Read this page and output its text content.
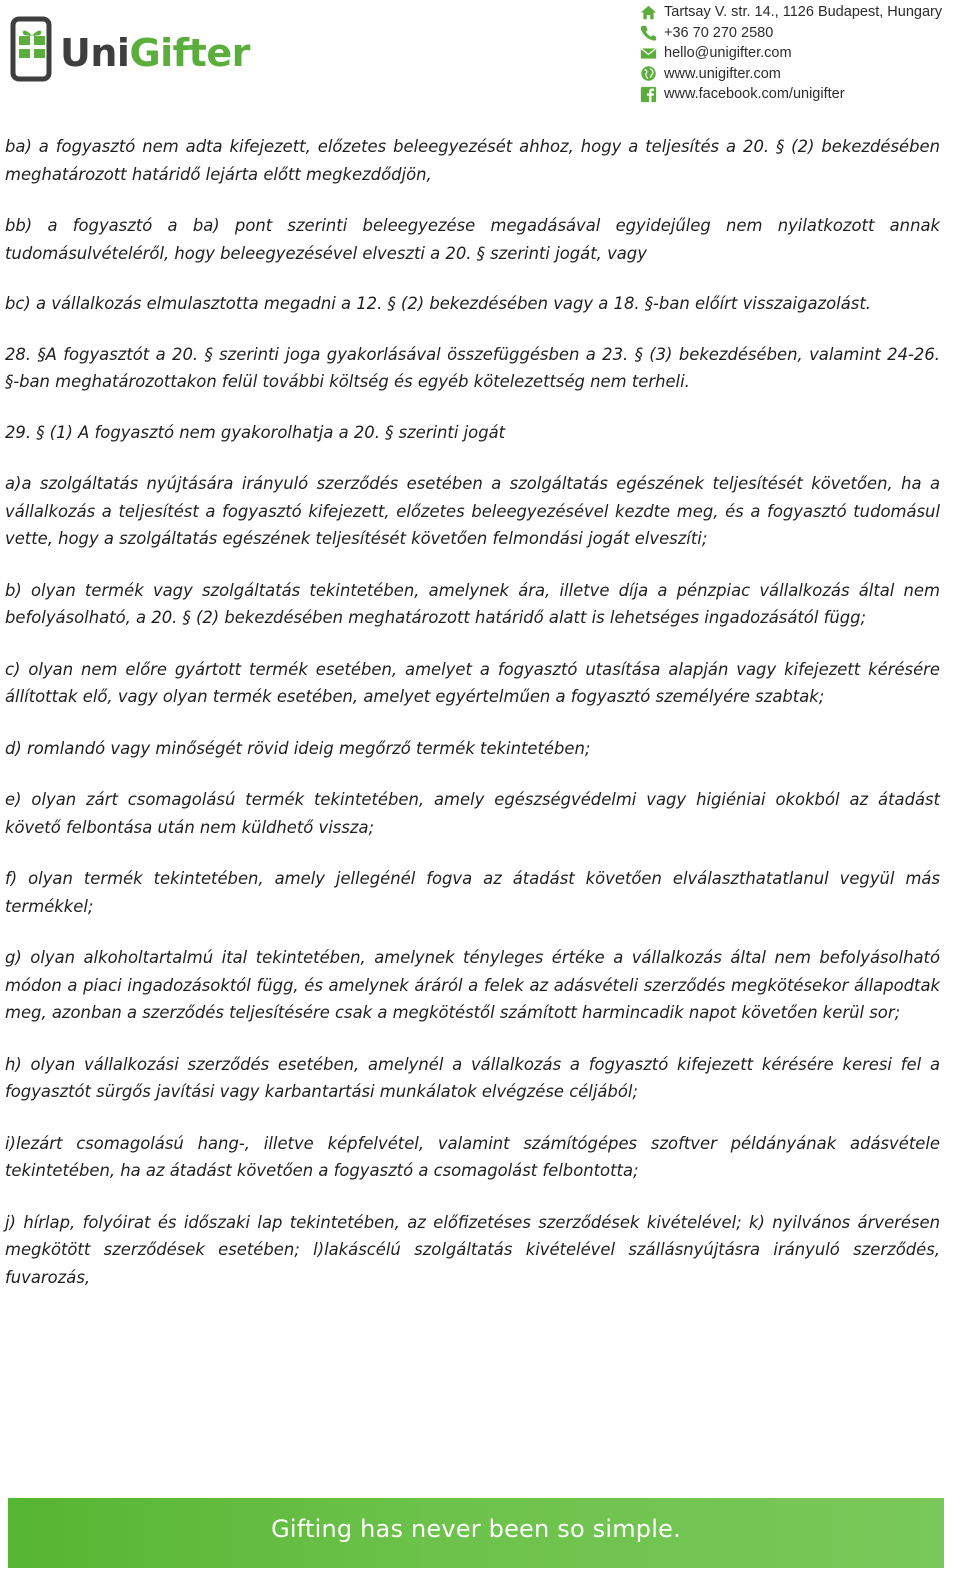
UniGifter
Tartsay V. str. 14., 1126 Budapest, Hungary
+36 70 270 2580
hello@unigifter.com
www.unigifter.com
www.facebook.com/unigifter

ba) a fogyasztó nem adta kifejezett, előzetes beleegyezését ahhoz, hogy a teljesítés a 20. § (2) bekezdésében meghatározott határidő lejárta előtt megkezdődjön,

bb) a fogyasztó a ba) pont szerinti beleegyezése megadásával egyidejűleg nem nyilatkozott annak tudomásulvételéről, hogy beleegyezésével elveszti a 20. § szerinti jogát, vagy

bc) a vállalkozás elmulasztotta megadni a 12. § (2) bekezdésében vagy a 18. §-ban előírt visszaigazolást.

28. §A fogyasztót a 20. § szerinti joga gyakorlásával összefüggésben a 23. § (3) bekezdésében, valamint 24-26. §-ban meghatározottakon felül további költség és egyéb kötelezettség nem terheli.

29. § (1) A fogyasztó nem gyakorolhatja a 20. § szerinti jogát

a)a szolgáltatás nyújtására irányuló szerződés esetében a szolgáltatás egészének teljesítését követően, ha a vállalkozás a teljesítést a fogyasztó kifejezett, előzetes beleegyezésével kezdte meg, és a fogyasztó tudomásul vette, hogy a szolgáltatás egészének teljesítését követően felmondási jogát elveszíti;

b) olyan termék vagy szolgáltatás tekintetében, amelynek ára, illetve díja a pénzpiac vállalkozás által nem befolyásolható, a 20. § (2) bekezdésében meghatározott határidő alatt is lehetséges ingadozásától függ;

c) olyan nem előre gyártott termék esetében, amelyet a fogyasztó utasítása alapján vagy kifejezett kérésére állítottak elő, vagy olyan termék esetében, amelyet egyértelműen a fogyasztó személyére szabtak;

d) romlandó vagy minőségét rövid ideig megőrző termék tekintetében;

e) olyan zárt csomagolású termék tekintetében, amely egészségvédelmi vagy higiéniai okokból az átadást követő felbontása után nem küldhető vissza;

f) olyan termék tekintetében, amely jellegénél fogva az átadást követően elválaszthatatlanul vegyül más termékkel;

g) olyan alkoholtartalmú ital tekintetében, amelynek tényleges értéke a vállalkozás által nem befolyásolható módon a piaci ingadozásoktól függ, és amelynek áráról a felek az adásvételi szerződés megkötésekor állapodtak meg, azonban a szerződés teljesítésére csak a megkötéstől számított harmincadik napot követően kerül sor;

h) olyan vállalkozási szerződés esetében, amelynél a vállalkozás a fogyasztó kifejezett kérésére keresi fel a fogyasztót sürgős javítási vagy karbantartási munkálatok elvégzése céljából;

i)lezárt csomagolású hang-, illetve képfelvétel, valamint számítógépes szoftver példányának adásvétele tekintetében, ha az átadást követően a fogyasztó a csomagolást felbontotta;

j) hírlap, folyóirat és időszaki lap tekintetében, az előfizetéses szerződések kivételével; k) nyilvános árverésen megkötött szerződések esetében; l)lakáscélú szolgáltatás kivételével szállásnyújtásra irányuló szerződés, fuvarozás,

Gifting has never been so simple.
